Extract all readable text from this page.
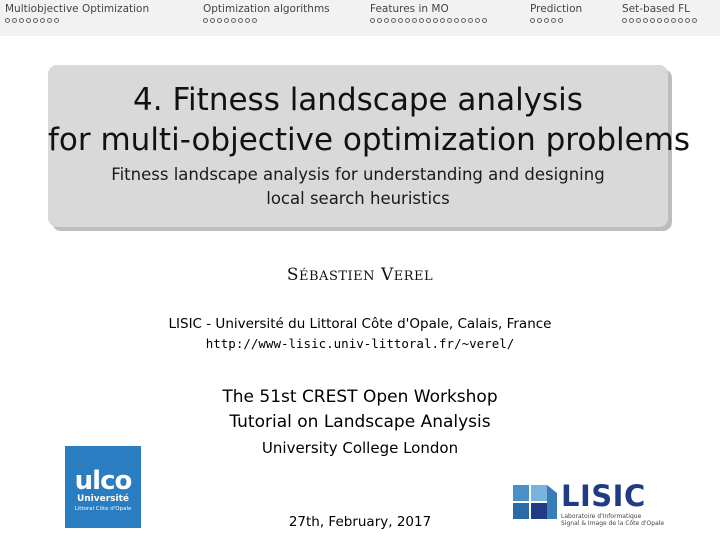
Multiobjective Optimization	Optimization algorithms	Features in MO	Prediction	Set-based FL
4. Fitness landscape analysis
for multi-objective optimization problems
Fitness landscape analysis for understanding and designing
local search heuristics
SÉBASTIEN VEREL
LISIC - Université du Littoral Côte d'Opale, Calais, France
http://www-lisic.univ-littoral.fr/~verel/
The 51st CREST Open Workshop
Tutorial on Landscape Analysis
University College London
ulco
Université
Littoral Côte d'Opale
27th, February, 2017
LISIC
Laboratoire d'Informatique
Signal & Image de la Côte d'Opale
